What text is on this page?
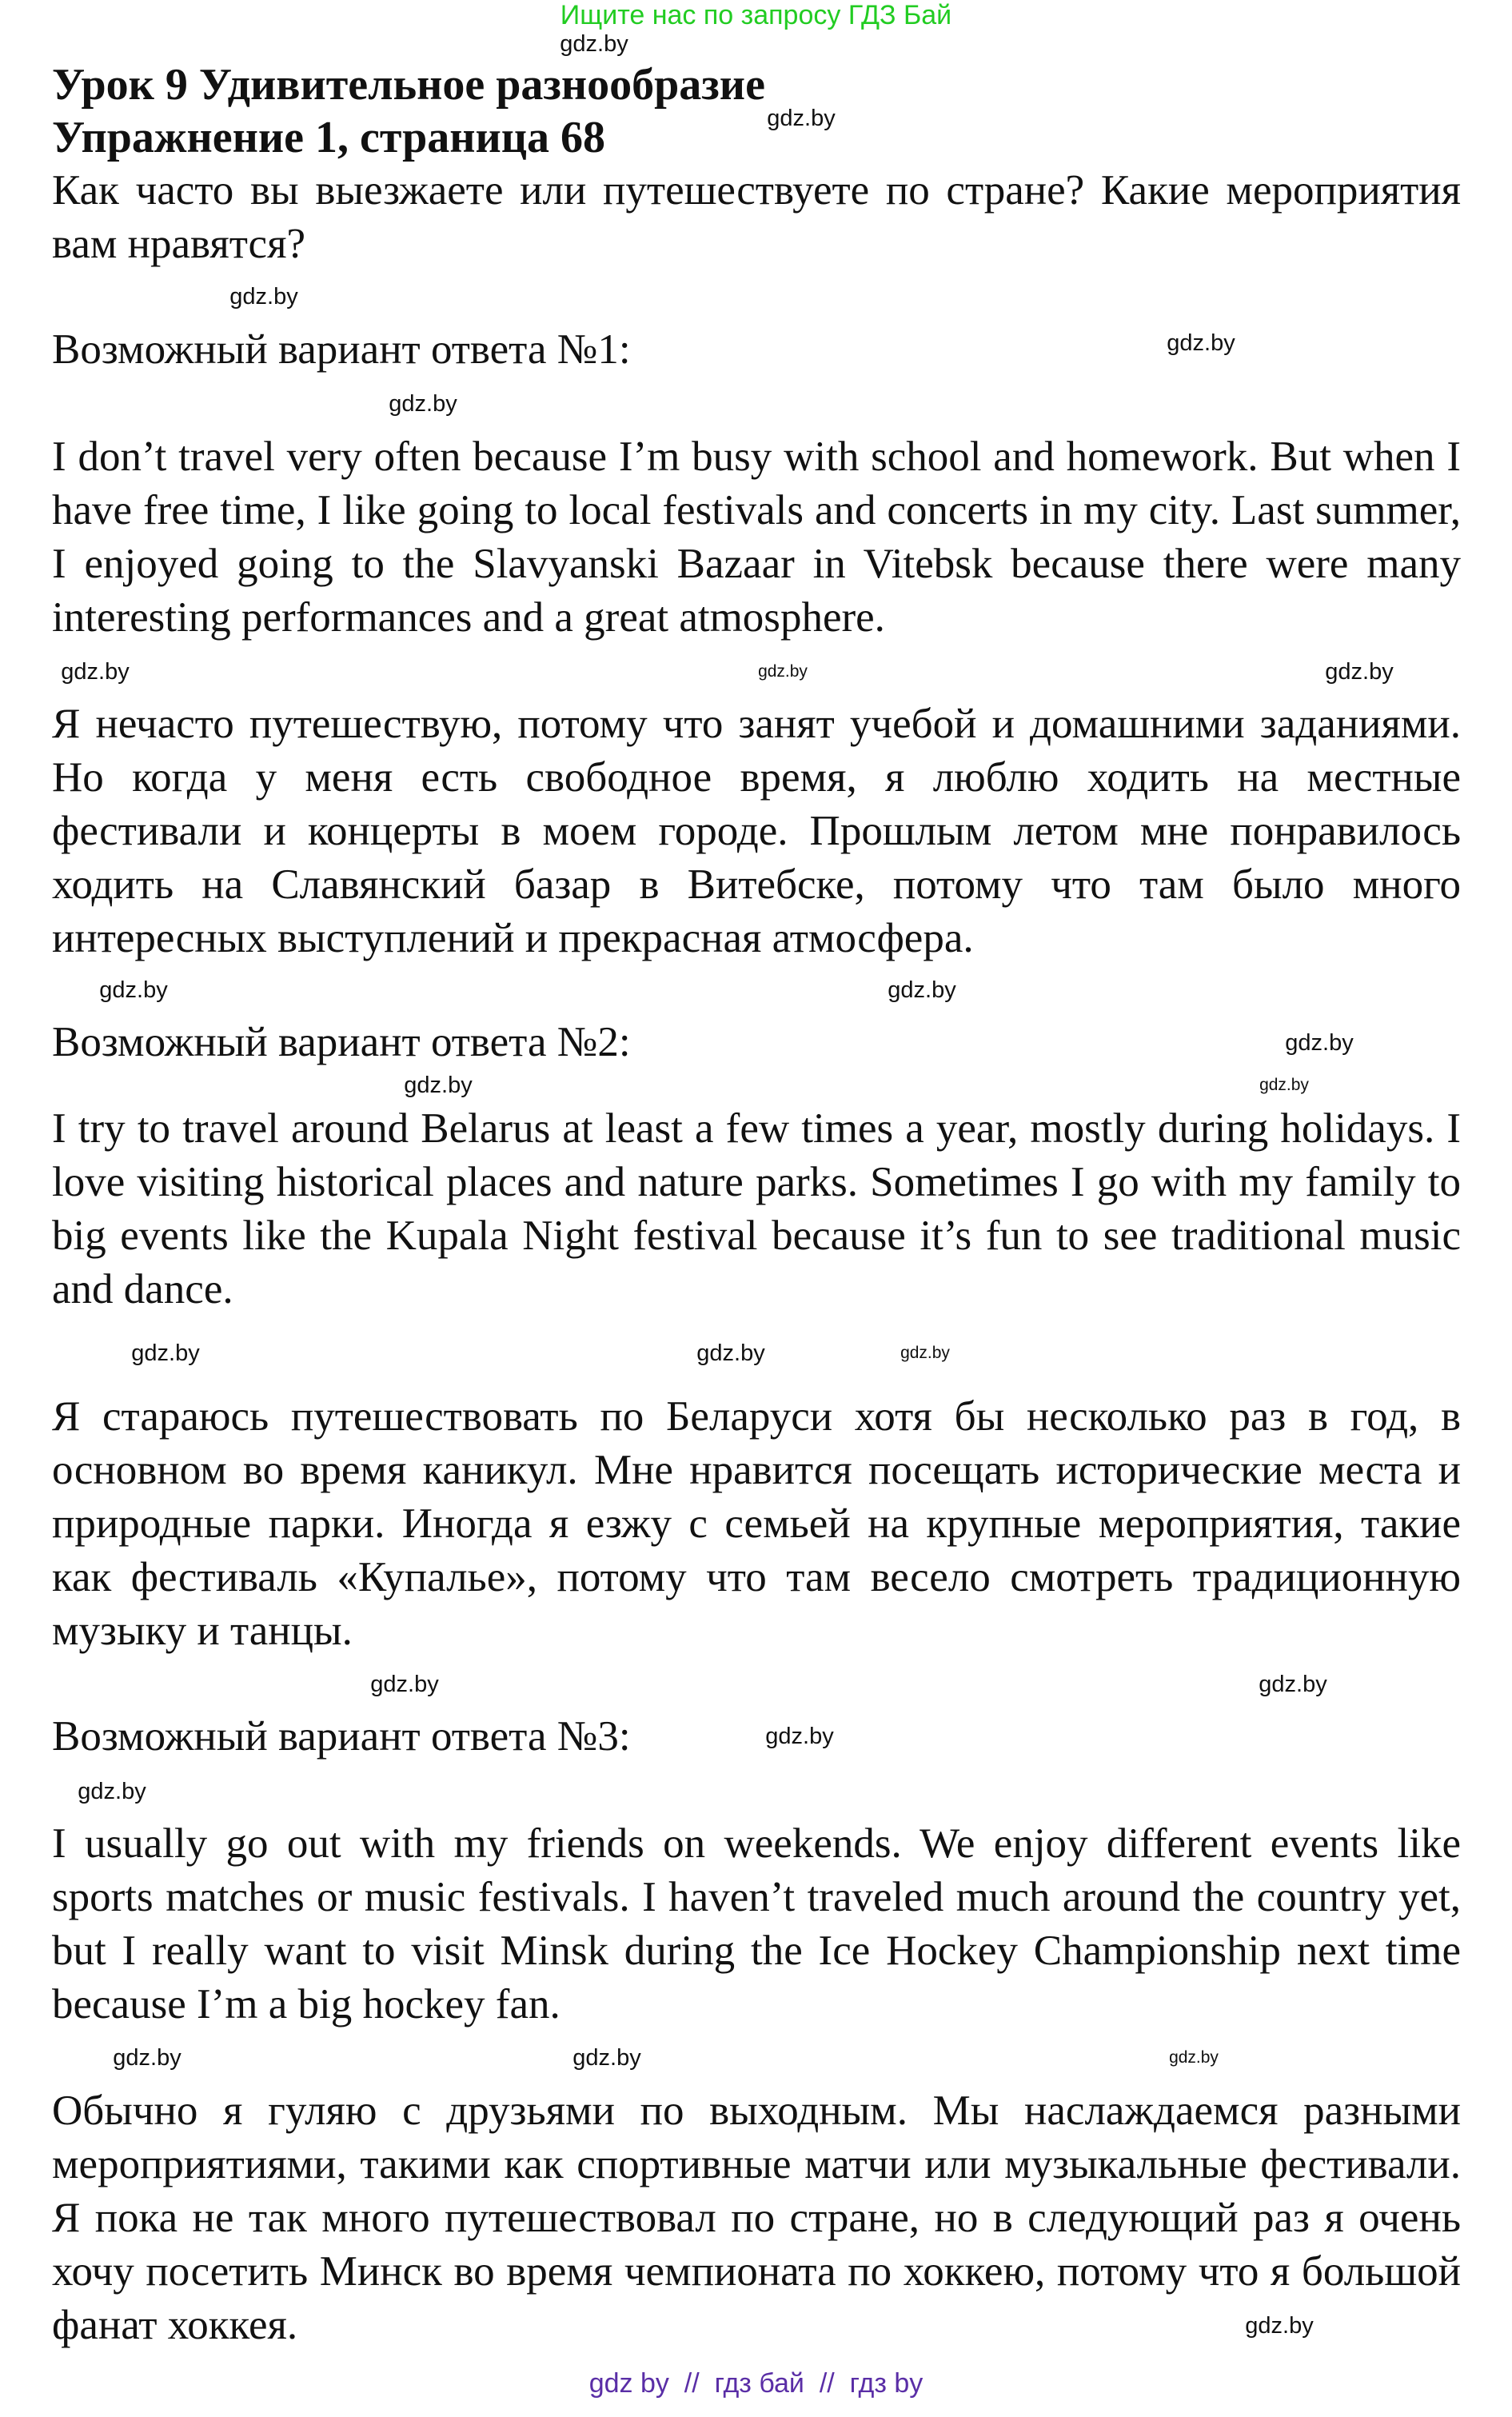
Ищите нас по запросу ГДЗ Бай
Урок 9 Удивительное разнообразие
Упражнение 1, страница 68
Как часто вы выезжаете или путешествуете по стране? Какие мероприятия вам нравятся?
Возможный вариант ответа №1:
I don’t travel very often because I’m busy with school and homework. But when I have free time, I like going to local festivals and concerts in my city. Last summer, I enjoyed going to the Slavyanski Bazaar in Vitebsk because there were many interesting performances and a great atmosphere.
Я нечасто путешествую, потому что занят учебой и домашними заданиями. Но когда у меня есть свободное время, я люблю ходить на местные фестивали и концерты в моем городе. Прошлым летом мне понравилось ходить на Славянский базар в Витебске, потому что там было много интересных выступлений и прекрасная атмосфера.
Возможный вариант ответа №2:
I try to travel around Belarus at least a few times a year, mostly during holidays. I love visiting historical places and nature parks. Sometimes I go with my family to big events like the Kupala Night festival because it’s fun to see traditional music and dance.
Я стараюсь путешествовать по Беларуси хотя бы несколько раз в год, в основном во время каникул. Мне нравится посещать исторические места и природные парки. Иногда я езжу с семьей на крупные мероприятия, такие как фестиваль «Купалье», потому что там весело смотреть традиционную музыку и танцы.
Возможный вариант ответа №3:
I usually go out with my friends on weekends. We enjoy different events like sports matches or music festivals. I haven’t traveled much around the country yet, but I really want to visit Minsk during the Ice Hockey Championship next time because I’m a big hockey fan.
Обычно я гуляю с друзьями по выходным. Мы наслаждаемся разными мероприятиями, такими как спортивные матчи или музыкальные фестивали. Я пока не так много путешествовал по стране, но в следующий раз я очень хочу посетить Минск во время чемпионата по хоккею, потому что я большой фанат хоккея.
gdz.by
gdz.by
gdz.by
gdz.by
gdz.by
gdz.by	gdz.by
gdz.by
gdz.by	gdz.by
gdz.by
gdz.by	gdz.by
gdz.by
gdz.by	gdz.by
gdz.by
gdz.by
gdz.by
gdz.by
gdz.by	gdz.by	gdz.by
gdz.by
gdz by  //  гдз бай  //  гдз by
